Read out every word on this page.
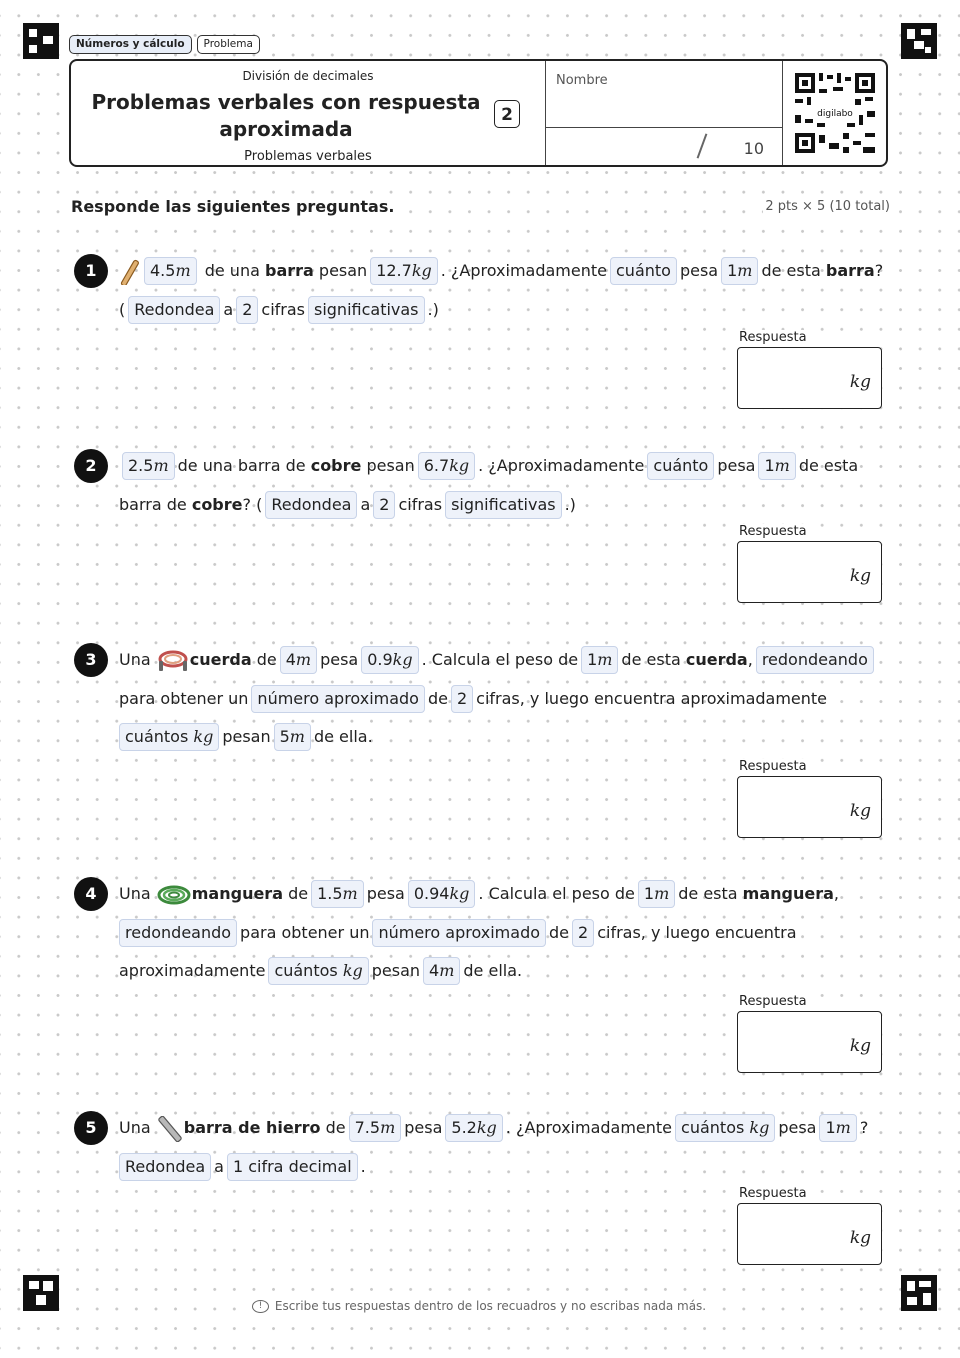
Números y cálculo	Problema
División de decimales
Problemas verbales con respuesta aproximada
2
Problemas verbales
Nombre
10
digilabo
Responde las siguientes preguntas.	2 pts × 5 (10 total)
1	4.5m de una barra pesan 12.7kg . ¿Aproximadamente cuánto pesa 1m de esta barra?
( Redondea a 2 cifras significativas .)
Respuesta
kg
2	2.5m de una barra de cobre pesan 6.7kg . ¿Aproximadamente cuánto pesa 1m de esta
barra de cobre? ( Redondea a 2 cifras significativas .)
Respuesta
kg
3	Una cuerda de 4m pesa 0.9kg . Calcula el peso de 1m de esta cuerda, redondeando
para obtener un número aproximado de 2 cifras, y luego encuentra aproximadamente
cuántos kg pesan 5m de ella.
Respuesta
kg
4	Una	manguera de 1.5m pesa 0.94kg . Calcula el peso de 1m de esta manguera,
redondeando para obtener un número aproximado de 2 cifras, y luego encuentra
aproximadamente cuántos kg pesan 4m de ella.
Respuesta
kg
5	Una barra de hierro de 7.5m pesa 5.2kg . ¿Aproximadamente cuántos kg pesa 1m ?
Redondea a 1 cifra decimal .
Respuesta
kg
! Escribe tus respuestas dentro de los recuadros y no escribas nada más.
